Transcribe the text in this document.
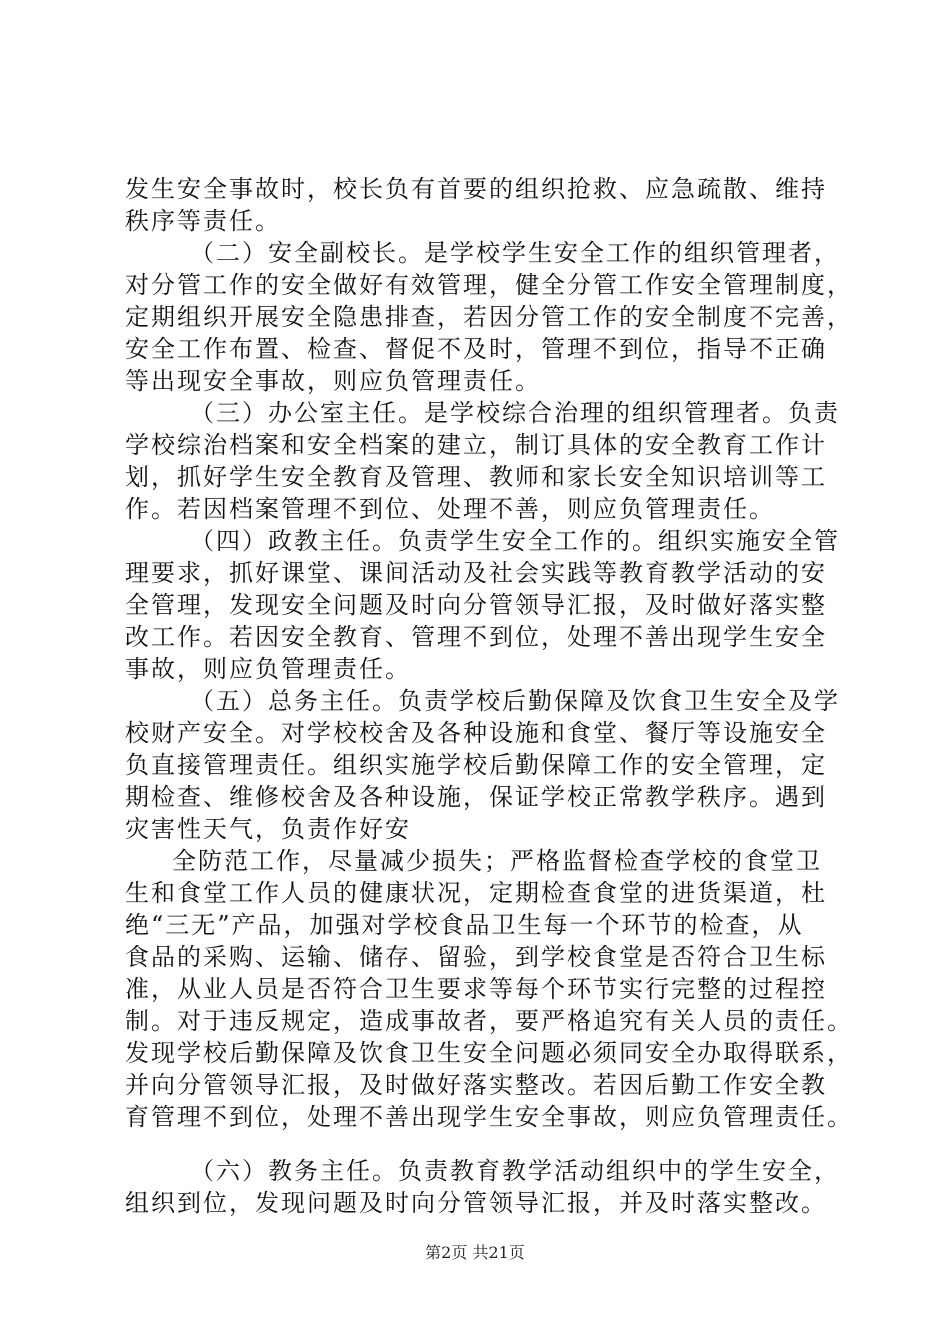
发生安全事故时，校长负有首要的组织抢救、应急疏散、维持
秩序等责任。
（二）安全副校长。是学校学生安全工作的组织管理者，
对分管工作的安全做好有效管理，健全分管工作安全管理制度，
定期组织开展安全隐患排查，若因分管工作的安全制度不完善，
安全工作布置、检查、督促不及时，管理不到位，指导不正确
等出现安全事故，则应负管理责任。
（三）办公室主任。是学校综合治理的组织管理者。负责
学校综治档案和安全档案的建立，制订具体的安全教育工作计
划，抓好学生安全教育及管理、教师和家长安全知识培训等工
作。若因档案管理不到位、处理不善，则应负管理责任。
（四）政教主任。负责学生安全工作的。组织实施安全管
理要求，抓好课堂、课间活动及社会实践等教育教学活动的安
全管理，发现安全问题及时向分管领导汇报，及时做好落实整
改工作。若因安全教育、管理不到位，处理不善出现学生安全
事故，则应负管理责任。
（五）总务主任。负责学校后勤保障及饮食卫生安全及学
校财产安全。对学校校舍及各种设施和食堂、餐厅等设施安全
负直接管理责任。组织实施学校后勤保障工作的安全管理，定
期检查、维修校舍及各种设施，保证学校正常教学秩序。遇到
灾害性天气，负责作好安
全防范工作，尽量减少损失；严格监督检查学校的食堂卫
生和食堂工作人员的健康状况，定期检查食堂的进货渠道，杜
绝“三无”产品，加强对学校食品卫生每一个环节的检查，从
食品的采购、运输、储存、留验，到学校食堂是否符合卫生标
准，从业人员是否符合卫生要求等每个环节实行完整的过程控
制。对于违反规定，造成事故者，要严格追究有关人员的责任。
发现学校后勤保障及饮食卫生安全问题必须同安全办取得联系，
并向分管领导汇报，及时做好落实整改。若因后勤工作安全教
育管理不到位，处理不善出现学生安全事故，则应负管理责任。
（六）教务主任。负责教育教学活动组织中的学生安全，
组织到位，发现问题及时向分管领导汇报，并及时落实整改。
第2页 共21页
